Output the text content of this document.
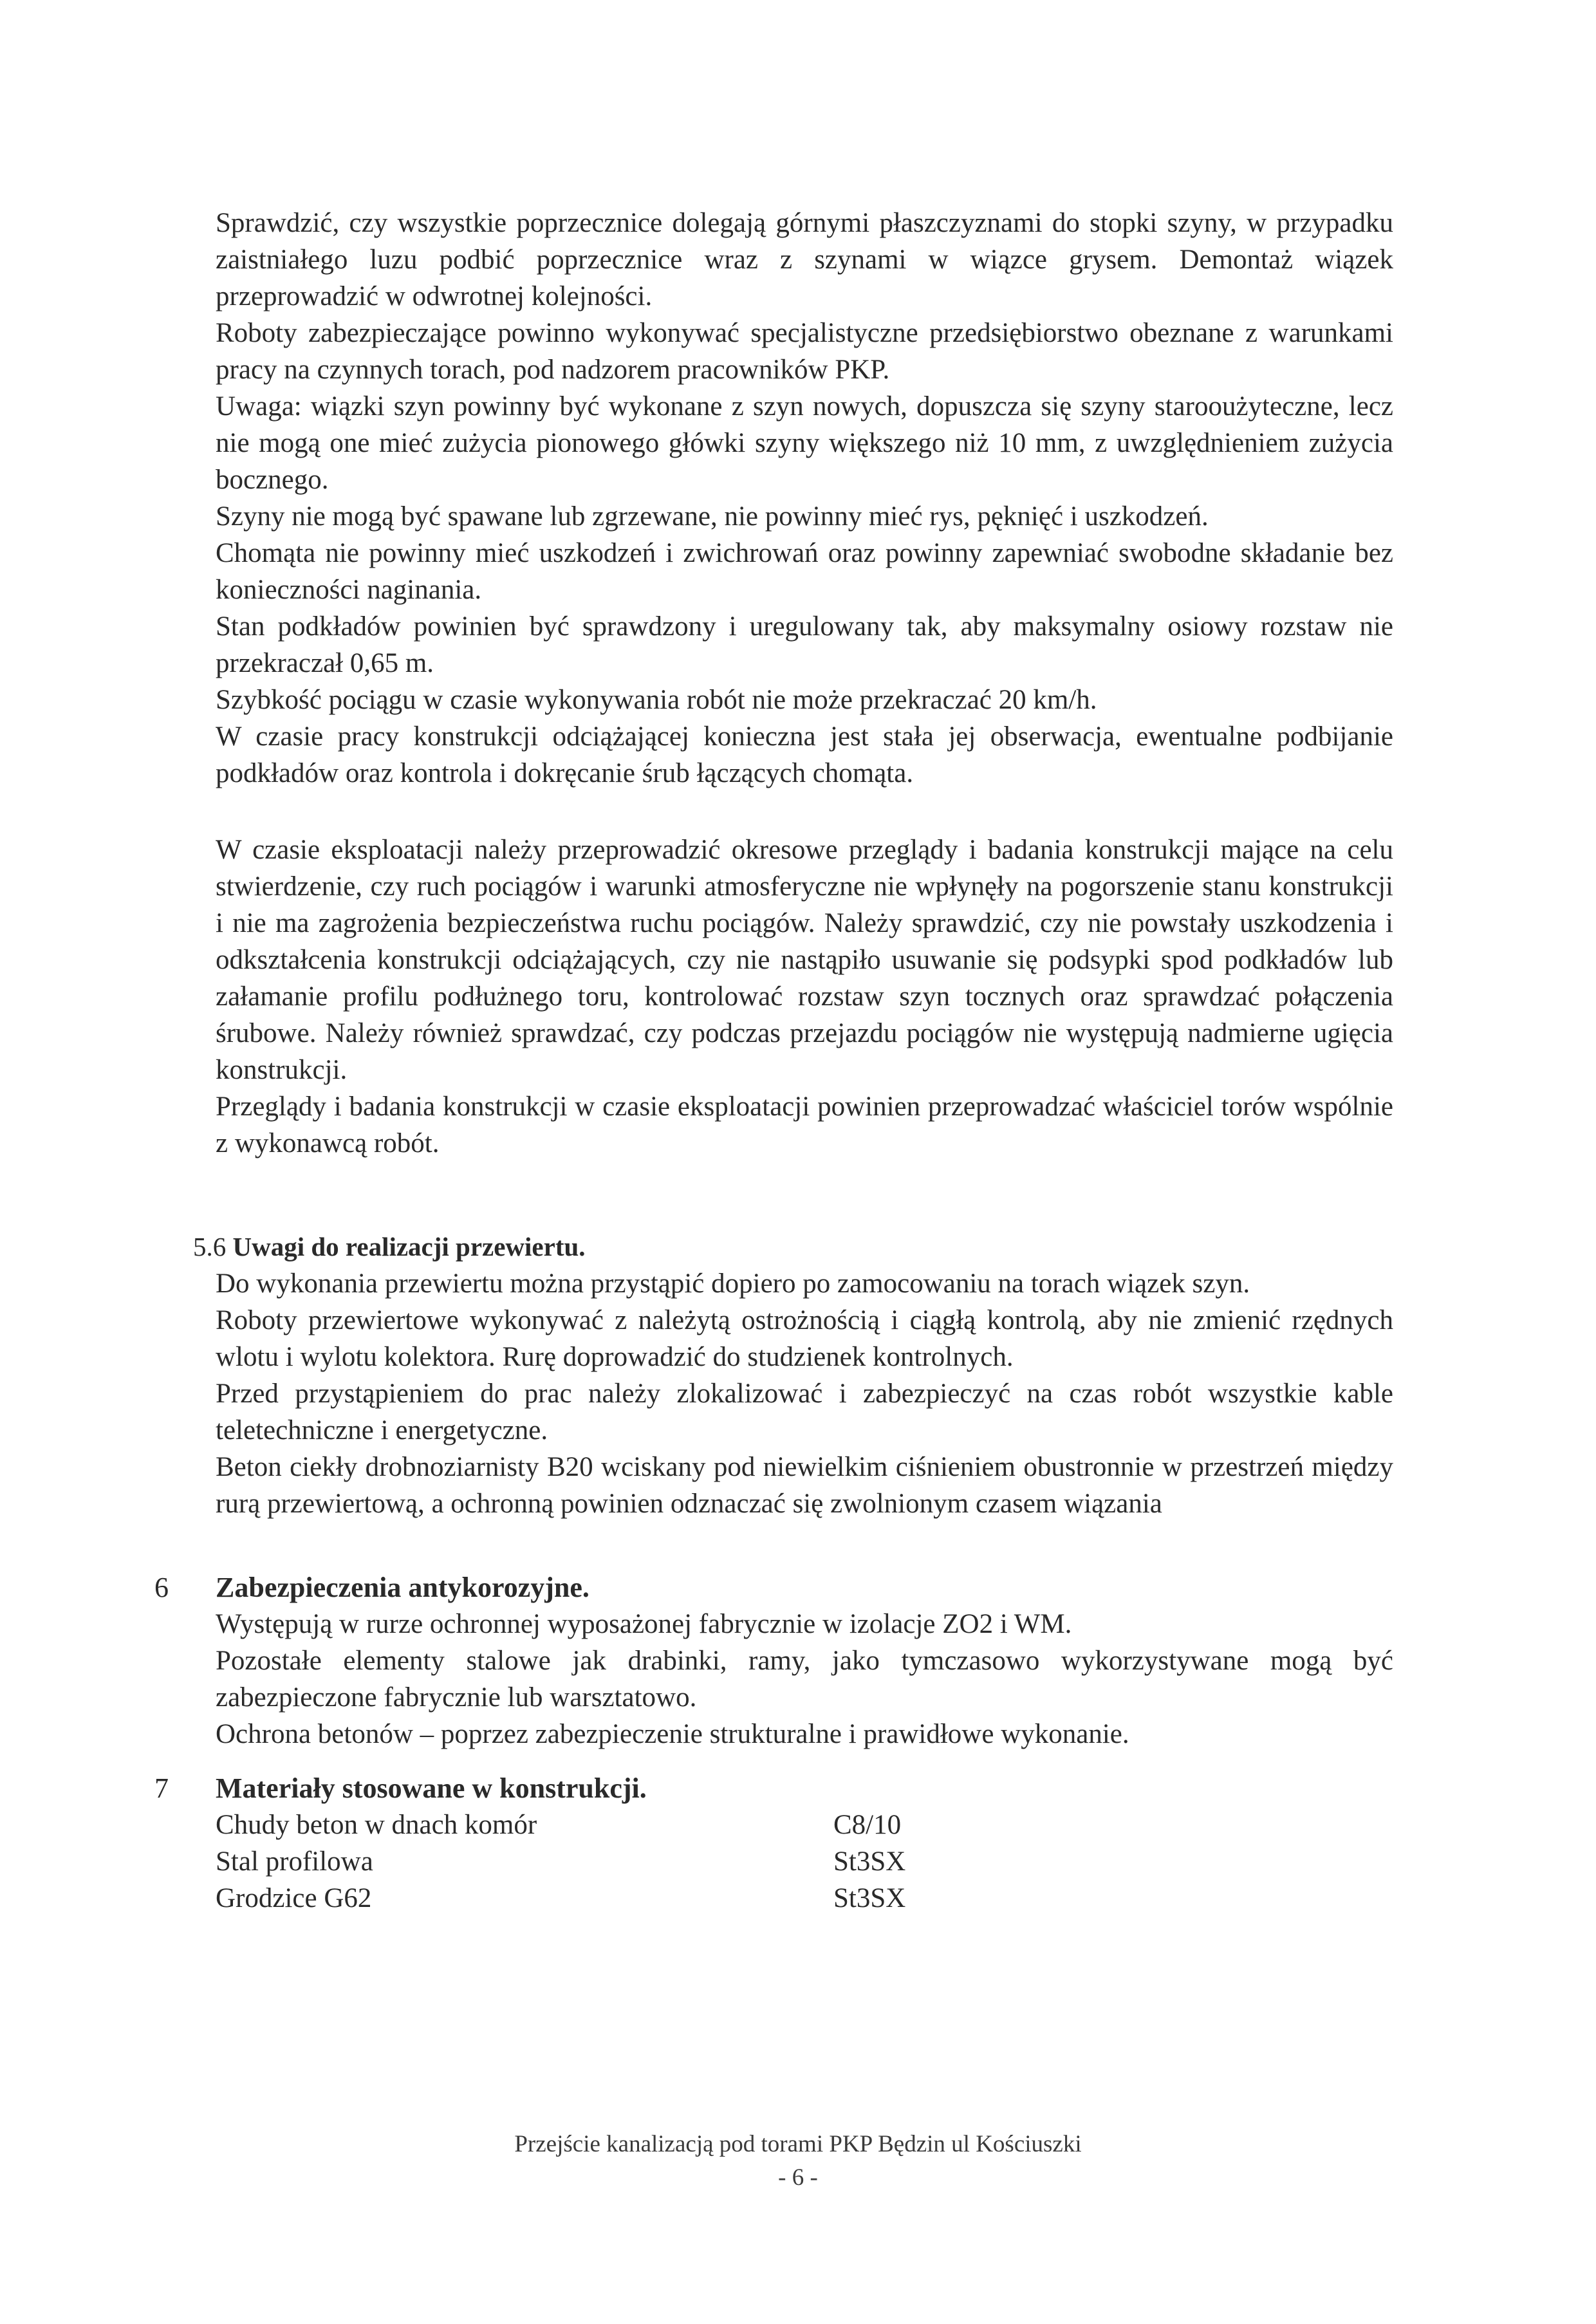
Sprawdzić, czy wszystkie poprzecznice dolegają górnymi płaszczyznami do stopki szyny, w przypadku zaistniałego luzu podbić poprzecznice wraz z szynami w wiązce grysem. Demontaż wiązek przeprowadzić w odwrotnej kolejności.

Roboty zabezpieczające powinno wykonywać specjalistyczne przedsiębiorstwo obeznane z warunkami pracy na czynnych torach, pod nadzorem pracowników PKP.

Uwaga: wiązki szyn powinny być wykonane z szyn nowych, dopuszcza się szyny starooużyteczne, lecz nie mogą one mieć zużycia pionowego główki szyny większego niż 10 mm, z uwzględnieniem zużycia bocznego.

Szyny nie mogą być spawane lub zgrzewane, nie powinny mieć rys, pęknięć i uszkodzeń.

Chomąta nie powinny mieć uszkodzeń i zwichrowań oraz powinny zapewniać swobodne składanie bez konieczności naginania.

Stan podkładów powinien być sprawdzony i uregulowany tak, aby maksymalny osiowy rozstaw nie przekraczał 0,65 m.

Szybkość pociągu w czasie wykonywania robót nie może przekraczać 20 km/h.

W czasie pracy konstrukcji odciążającej konieczna jest stała jej obserwacja, ewentualne podbijanie podkładów oraz kontrola i dokręcanie śrub łączących chomąta.

W czasie eksploatacji należy przeprowadzić okresowe przeglądy i badania konstrukcji mające na celu stwierdzenie, czy ruch pociągów i warunki atmosferyczne nie wpłynęły na pogorszenie stanu konstrukcji i nie ma zagrożenia bezpieczeństwa ruchu pociągów. Należy sprawdzić, czy nie powstały uszkodzenia i odkształcenia konstrukcji odciążających, czy nie nastąpiło usuwanie się podsypki spod podkładów lub załamanie profilu podłużnego toru, kontrolować rozstaw szyn tocznych oraz sprawdzać połączenia śrubowe. Należy również sprawdzać, czy podczas przejazdu pociągów nie występują nadmierne ugięcia konstrukcji.

Przeglądy i badania konstrukcji w czasie eksploatacji powinien przeprowadzać właściciel torów wspólnie z wykonawcą robót.

5.6 Uwagi do realizacji przewiertu.

Do wykonania przewiertu można przystąpić dopiero po zamocowaniu na torach wiązek szyn.

Roboty przewiertowe wykonywać z należytą ostrożnością i ciągłą kontrolą, aby nie zmienić rzędnych wlotu i wylotu kolektora. Rurę doprowadzić do studzienek kontrolnych.

Przed przystąpieniem do prac należy zlokalizować i zabezpieczyć na czas robót wszystkie kable teletechniczne i energetyczne.

Beton ciekły drobnoziarnisty B20 wciskany pod niewielkim ciśnieniem obustronnie w przestrzeń między rurą przewiertową, a ochronną powinien odznaczać się zwolnionym czasem wiązania

6 Zabezpieczenia antykorozyjne.

Występują w rurze ochronnej wyposażonej fabrycznie w izolacje ZO2 i WM.

Pozostałe elementy stalowe jak drabinki, ramy, jako tymczasowo wykorzystywane mogą być zabezpieczone fabrycznie lub warsztatowo.

Ochrona betonów – poprzez zabezpieczenie strukturalne i prawidłowe wykonanie.

7 Materiały stosowane w konstrukcji.
Chudy beton w dnach komór	C8/10
Stal profilowa	St3SX
Grodzice G62	St3SX
Przejście kanalizacją pod torami PKP Będzin ul Kościuszki
- 6 -
